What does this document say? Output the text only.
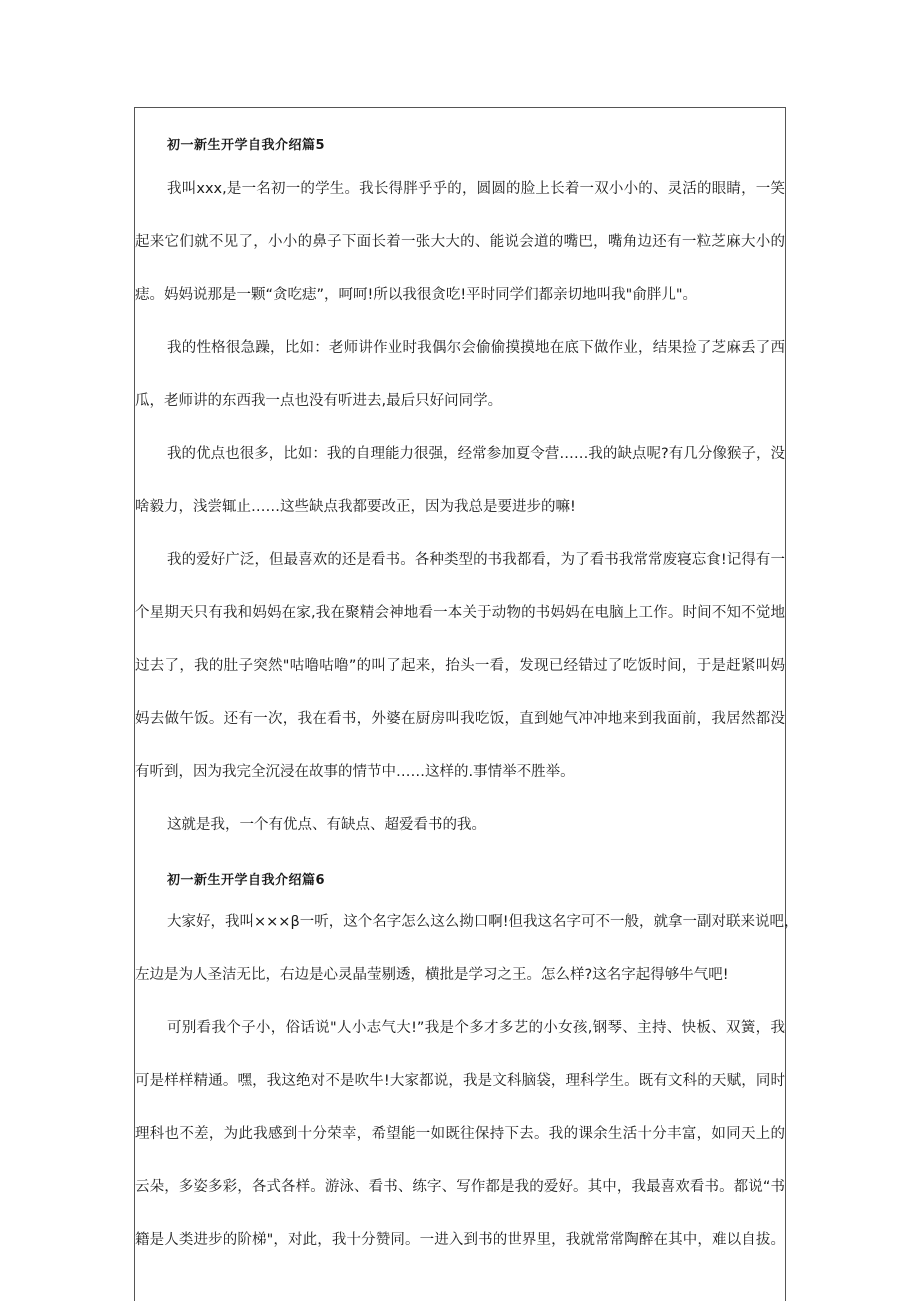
初一新生开学自我介绍篇5
我叫xxx,是一名初一的学生。我长得胖乎乎的，圆圆的脸上长着一双小小的、灵活的眼睛，一笑
起来它们就不见了，小小的鼻子下面长着一张大大的、能说会道的嘴巴，嘴角边还有一粒芝麻大小的
痣。妈妈说那是一颗“贪吃痣”，呵呵!所以我很贪吃!平时同学们都亲切地叫我"俞胖儿"。
我的性格很急躁，比如：老师讲作业时我偶尔会偷偷摸摸地在底下做作业，结果捡了芝麻丢了西
瓜，老师讲的东西我一点也没有听进去,最后只好问同学。
我的优点也很多，比如：我的自理能力很强，经常参加夏令营……我的缺点呢?有几分像猴子，没
啥毅力，浅尝辄止……这些缺点我都要改正，因为我总是要进步的嘛!
我的爱好广泛，但最喜欢的还是看书。各种类型的书我都看，为了看书我常常废寝忘食!记得有一
个星期天只有我和妈妈在家,我在聚精会神地看一本关于动物的书妈妈在电脑上工作。时间不知不觉地
过去了，我的肚子突然"咕噜咕噜”的叫了起来，抬头一看，发现已经错过了吃饭时间，于是赶紧叫妈
妈去做午饭。还有一次，我在看书，外婆在厨房叫我吃饭，直到她气冲冲地来到我面前，我居然都没
有听到，因为我完全沉浸在故事的情节中……这样的.事情举不胜举。
这就是我，一个有优点、有缺点、超爱看书的我。
初一新生开学自我介绍篇6
大家好，我叫×××β一听，这个名字怎么这么拗口啊!但我这名字可不一般，就拿一副对联来说吧，
左边是为人圣洁无比，右边是心灵晶莹剔透，横批是学习之王。怎么样?这名字起得够牛气吧!
可别看我个子小，俗话说"人小志气大!”我是个多才多艺的小女孩,钢琴、主持、快板、双簧，我
可是样样精通。嘿，我这绝对不是吹牛!大家都说，我是文科脑袋，理科学生。既有文科的天赋，同时
理科也不差，为此我感到十分荣幸，希望能一如既往保持下去。我的课余生活十分丰富，如同天上的
云朵，多姿多彩，各式各样。游泳、看书、练字、写作都是我的爱好。其中，我最喜欢看书。都说“书
籍是人类进步的阶梯"，对此，我十分赞同。一进入到书的世界里，我就常常陶醉在其中，难以自拔。
